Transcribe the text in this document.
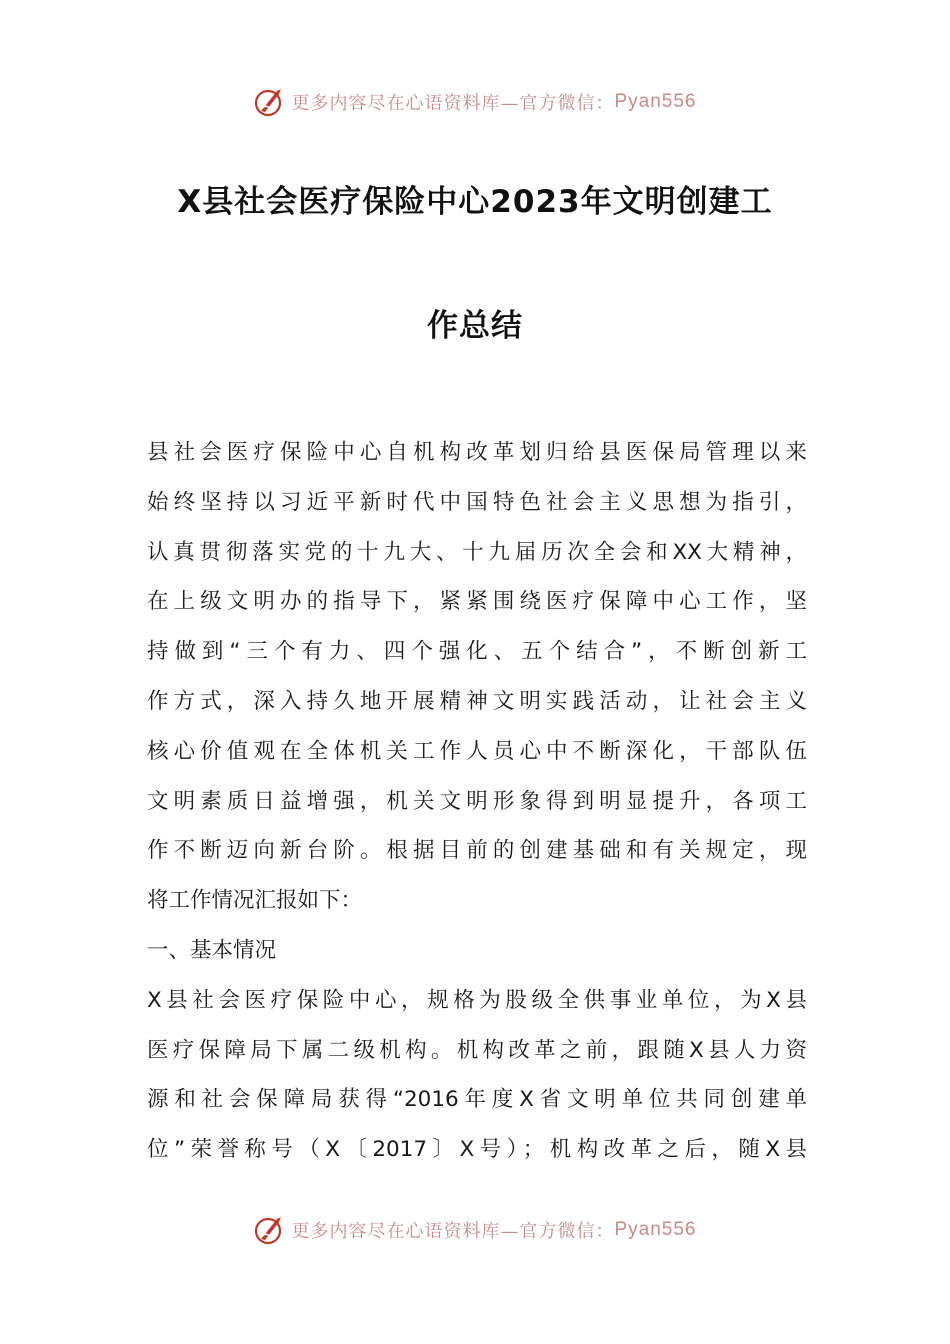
更多内容尽在心语资料库—官方微信： Pyan556
X县社会医疗保险中心2023年文明创建工
作总结
县社会医疗保险中心自机构改革划归给县医保局管理以来
始终坚持以习近平新时代中国特色社会主义思想为指引，
认真贯彻落实党的十九大、十九届历次全会和XX大精神，
在上级文明办的指导下，紧紧围绕医疗保障中心工作，坚
持做到“三个有力、四个强化、五个结合”，不断创新工
作方式，深入持久地开展精神文明实践活动，让社会主义
核心价值观在全体机关工作人员心中不断深化，干部队伍
文明素质日益增强，机关文明形象得到明显提升，各项工
作不断迈向新台阶。根据目前的创建基础和有关规定，现
将工作情况汇报如下：
一、基本情况
X县社会医疗保险中心，规格为股级全供事业单位，为X县
医疗保障局下属二级机构。机构改革之前，跟随X县人力资
源和社会保障局获得“2016年度X省文明单位共同创建单
位”荣誉称号（X〔2017〕X号）；机构改革之后，随X县
更多内容尽在心语资料库—官方微信： Pyan556
